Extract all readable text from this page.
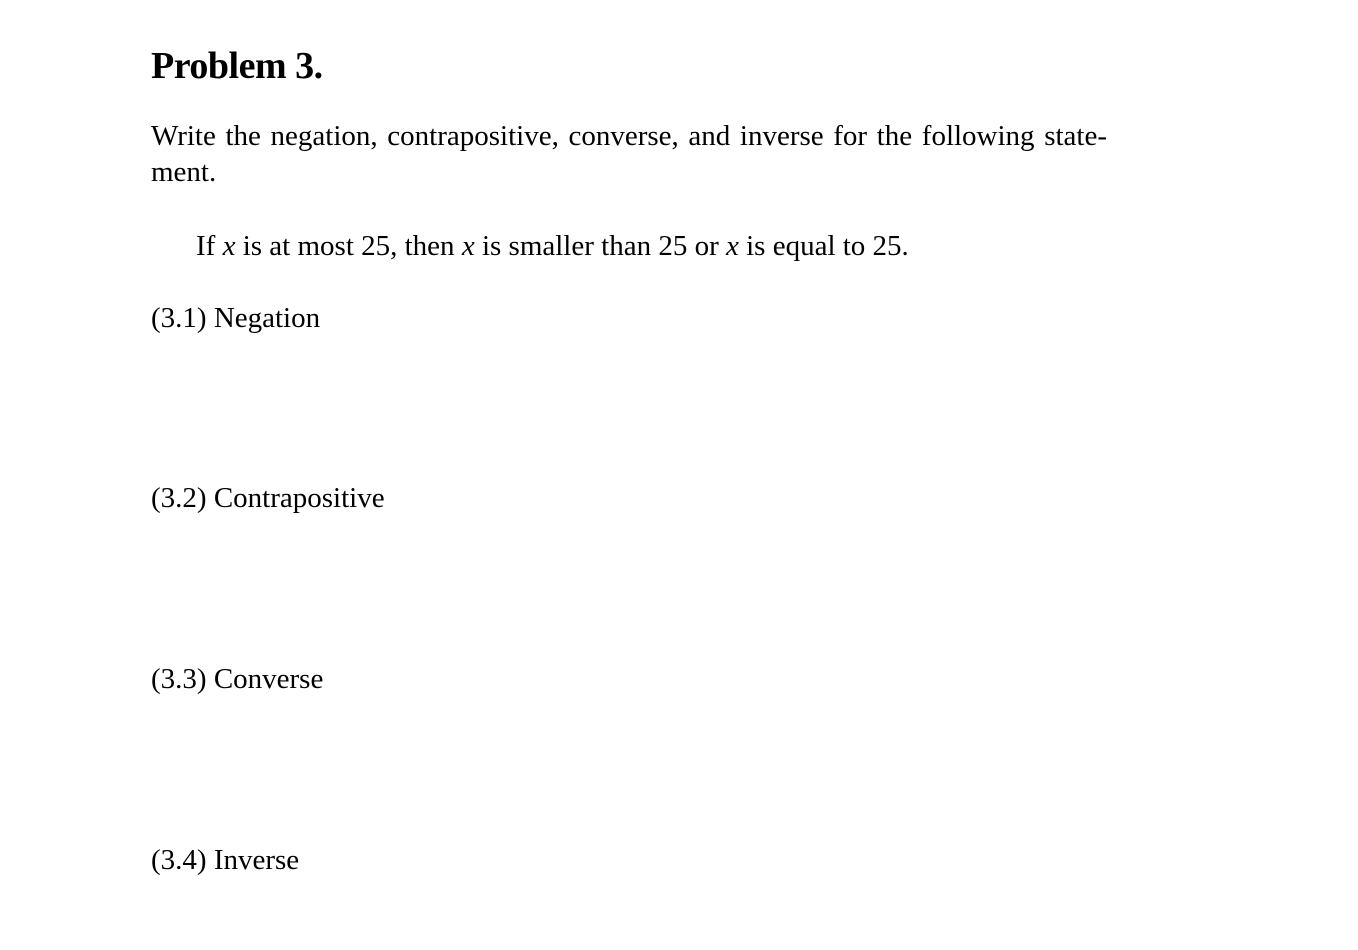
Problem 3.

Write the negation, contrapositive, converse, and inverse for the following state-ment.

If x is at most 25, then x is smaller than 25 or x is equal to 25.

(3.1) Negation

(3.2) Contrapositive

(3.3) Converse

(3.4) Inverse
